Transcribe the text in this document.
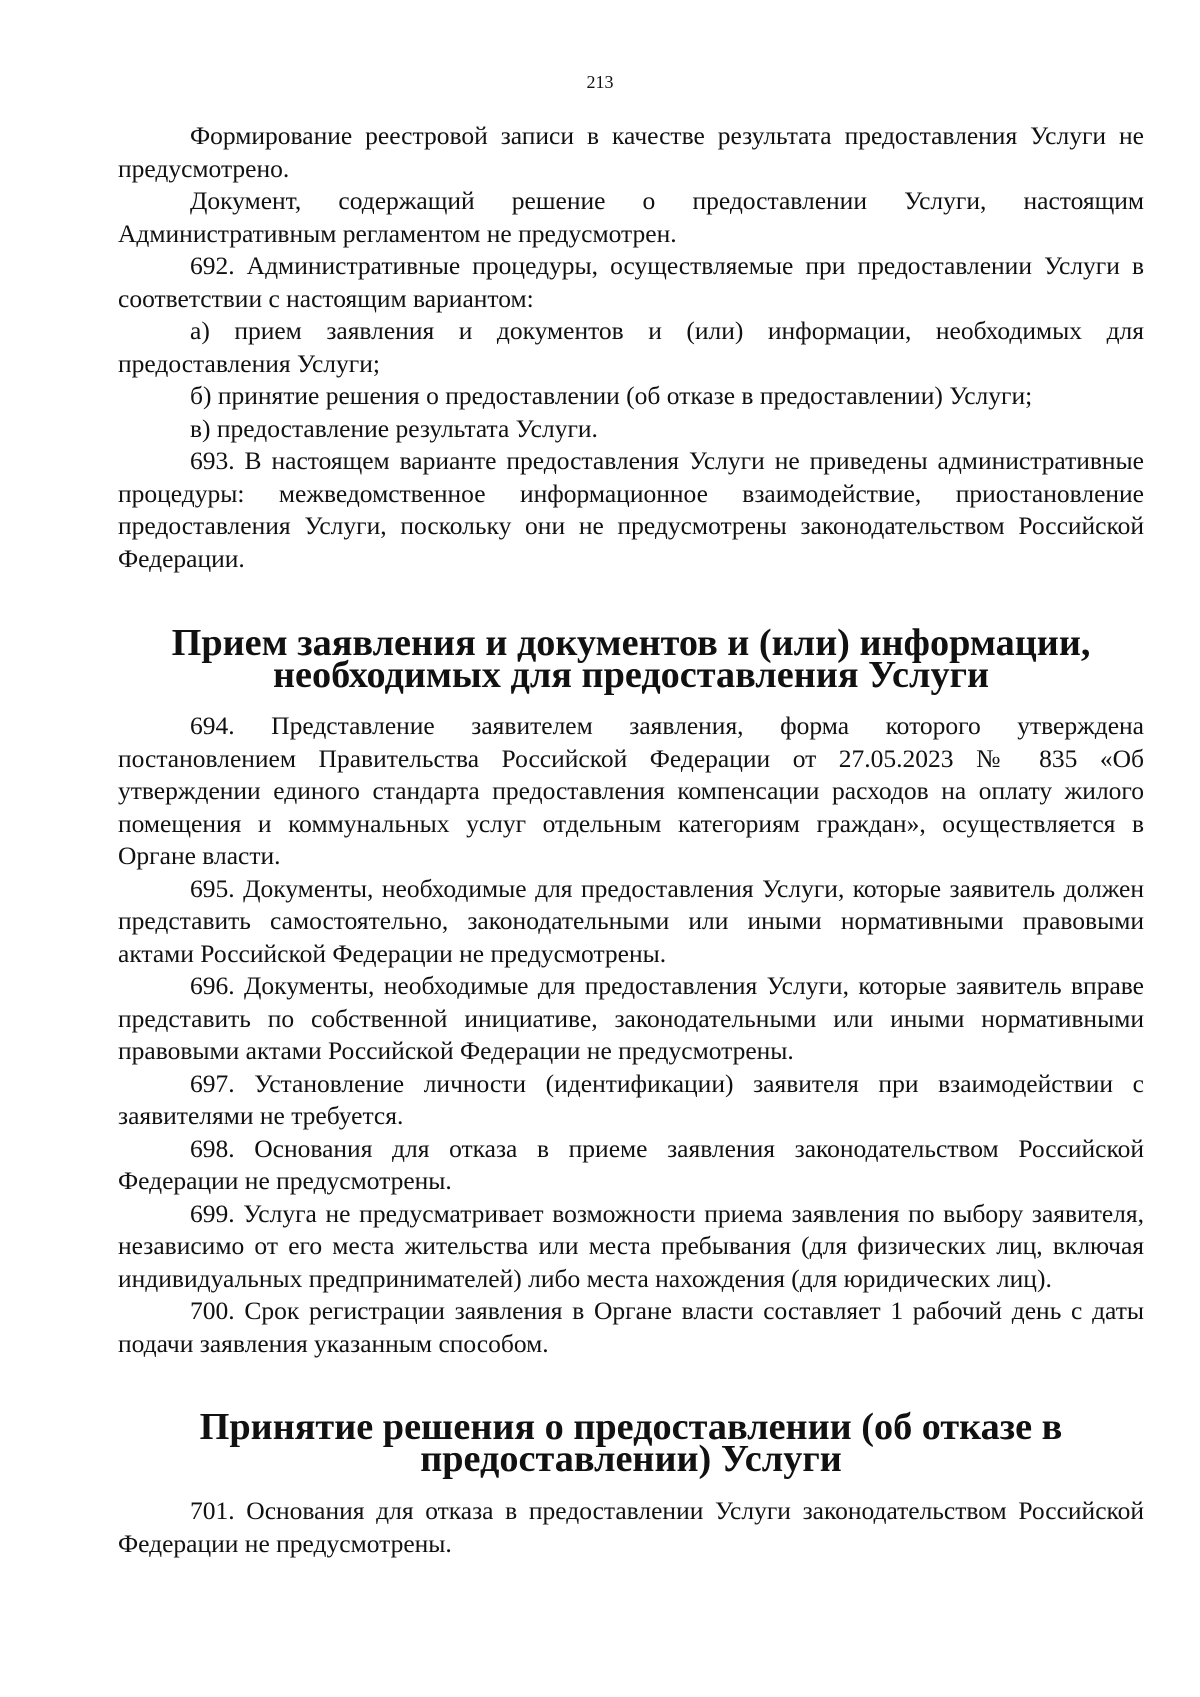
213

Формирование реестровой записи в качестве результата предоставления Услуги не предусмотрено.

Документ, содержащий решение о предоставлении Услуги, настоящим Административным регламентом не предусмотрен.

692. Административные процедуры, осуществляемые при предоставлении Услуги в соответствии с настоящим вариантом:

а) прием заявления и документов и (или) информации, необходимых для предоставления Услуги;

б) принятие решения о предоставлении (об отказе в предоставлении) Услуги;

в) предоставление результата Услуги.

693. В настоящем варианте предоставления Услуги не приведены административные процедуры: межведомственное информационное взаимодействие, приостановление предоставления Услуги, поскольку они не предусмотрены законодательством Российской Федерации.

Прием заявления и документов и (или) информации, необходимых для предоставления Услуги

694. Представление заявителем заявления, форма которого утверждена постановлением Правительства Российской Федерации от 27.05.2023 № 835 «Об утверждении единого стандарта предоставления компенсации расходов на оплату жилого помещения и коммунальных услуг отдельным категориям граждан», осуществляется в Органе власти.

695. Документы, необходимые для предоставления Услуги, которые заявитель должен представить самостоятельно, законодательными или иными нормативными правовыми актами Российской Федерации не предусмотрены.

696. Документы, необходимые для предоставления Услуги, которые заявитель вправе представить по собственной инициативе, законодательными или иными нормативными правовыми актами Российской Федерации не предусмотрены.

697. Установление личности (идентификации) заявителя при взаимодействии с заявителями не требуется.

698. Основания для отказа в приеме заявления законодательством Российской Федерации не предусмотрены.

699. Услуга не предусматривает возможности приема заявления по выбору заявителя, независимо от его места жительства или места пребывания (для физических лиц, включая индивидуальных предпринимателей) либо места нахождения (для юридических лиц).

700. Срок регистрации заявления в Органе власти составляет 1 рабочий день с даты подачи заявления указанным способом.

Принятие решения о предоставлении (об отказе в предоставлении) Услуги

701. Основания для отказа в предоставлении Услуги законодательством Российской Федерации не предусмотрены.
